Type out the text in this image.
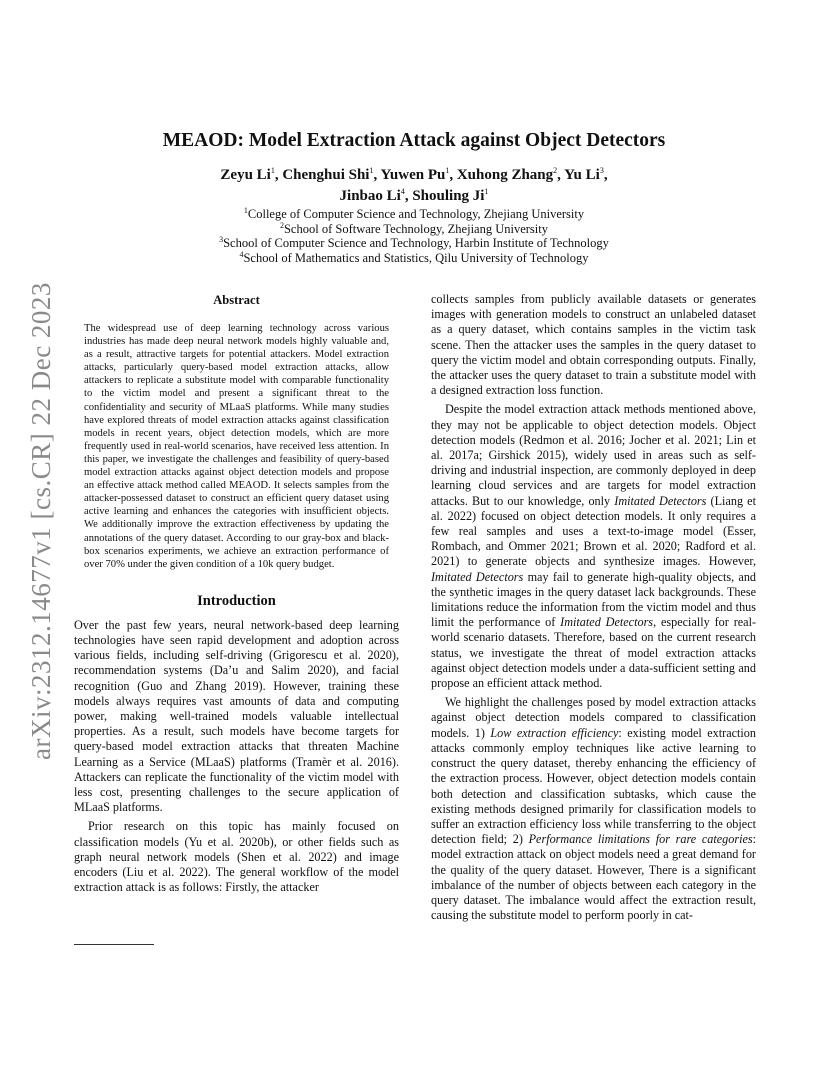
arXiv:2312.14677v1 [cs.CR] 22 Dec 2023
MEAOD: Model Extraction Attack against Object Detectors
Zeyu Li$^1$, Chenghui Shi$^1$, Yuwen Pu$^1$, Xuhong Zhang$^2$, Yu Li$^3$,
Jinbao Li$^4$, Shouling Ji$^1$
$^1$College of Computer Science and Technology, Zhejiang University
$^2$School of Software Technology, Zhejiang University
$^3$School of Computer Science and Technology, Harbin Institute of Technology
$^4$School of Mathematics and Statistics, Qilu University of Technology
Abstract

The widespread use of deep learning technology across various industries has made deep neural network models highly valuable and, as a result, attractive targets for potential attackers. Model extraction attacks, particularly query-based model extraction attacks, allow attackers to replicate a substitute model with comparable functionality to the victim model and present a significant threat to the confidentiality and security of MLaaS platforms. While many studies have explored threats of model extraction attacks against classification models in recent years, object detection models, which are more frequently used in real-world scenarios, have received less attention. In this paper, we investigate the challenges and feasibility of query-based model extraction attacks against object detection models and propose an effective attack method called MEAOD. It selects samples from the attacker-possessed dataset to construct an efficient query dataset using active learning and enhances the categories with insufficient objects. We additionally improve the extraction effectiveness by updating the annotations of the query dataset. According to our gray-box and black-box scenarios experiments, we achieve an extraction performance of over 70% under the given condition of a 10k query budget.

Introduction

Over the past few years, neural network-based deep learning technologies have seen rapid development and adoption across various fields, including self-driving (Grigorescu et al. 2020), recommendation systems (Da’u and Salim 2020), and facial recognition (Guo and Zhang 2019). However, training these models always requires vast amounts of data and computing power, making well-trained models valuable intellectual properties. As a result, such models have become targets for query-based model extraction attacks that threaten Machine Learning as a Service (MLaaS) platforms (Tramèr et al. 2016). Attackers can replicate the functionality of the victim model with less cost, presenting challenges to the secure application of MLaaS platforms.

Prior research on this topic has mainly focused on classification models (Yu et al. 2020b), or other fields such as graph neural network models (Shen et al. 2022) and image encoders (Liu et al. 2022). The general workflow of the model extraction attack is as follows: Firstly, the attacker

collects samples from publicly available datasets or generates images with generation models to construct an unlabeled dataset as a query dataset, which contains samples in the victim task scene. Then the attacker uses the samples in the query dataset to query the victim model and obtain corresponding outputs. Finally, the attacker uses the query dataset to train a substitute model with a designed extraction loss function.

Despite the model extraction attack methods mentioned above, they may not be applicable to object detection models. Object detection models (Redmon et al. 2016; Jocher et al. 2021; Lin et al. 2017a; Girshick 2015), widely used in areas such as self-driving and industrial inspection, are commonly deployed in deep learning cloud services and are targets for model extraction attacks. But to our knowledge, only Imitated Detectors (Liang et al. 2022) focused on object detection models. It only requires a few real samples and uses a text-to-image model (Esser, Rombach, and Ommer 2021; Brown et al. 2020; Radford et al. 2021) to generate objects and synthesize images. However, Imitated Detectors may fail to generate high-quality objects, and the synthetic images in the query dataset lack backgrounds. These limitations reduce the information from the victim model and thus limit the performance of Imitated Detectors, especially for real-world scenario datasets. Therefore, based on the current research status, we investigate the threat of model extraction attacks against object detection models under a data-sufficient setting and propose an efficient attack method.

We highlight the challenges posed by model extraction attacks against object detection models compared to classification models. 1) Low extraction efficiency: existing model extraction attacks commonly employ techniques like active learning to construct the query dataset, thereby enhancing the efficiency of the extraction process. However, object detection models contain both detection and classification subtasks, which cause the existing methods designed primarily for classification models to suffer an extraction efficiency loss while transferring to the object detection field; 2) Performance limitations for rare categories: model extraction attack on object models need a great demand for the quality of the query dataset. However, There is a significant imbalance of the number of objects between each category in the query dataset. The imbalance would affect the extraction result, causing the substitute model to perform poorly in cat-
